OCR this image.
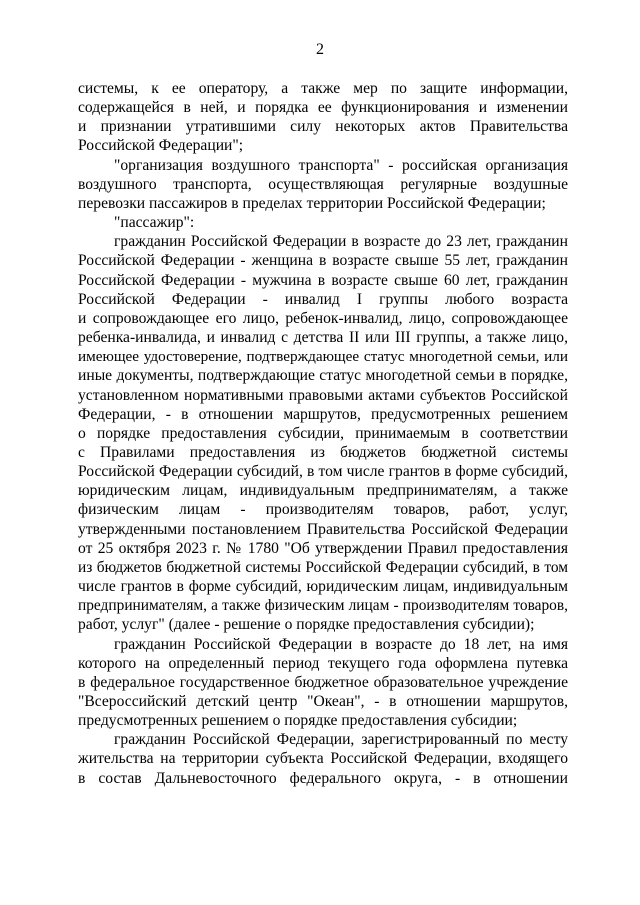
2
системы, к ее оператору, а также мер по защите информации,
содержащейся в ней, и порядка ее функционирования и изменении
и признании утратившими силу некоторых актов Правительства
Российской Федерации";
"организация воздушного транспорта" - российская организация
воздушного транспорта, осуществляющая регулярные воздушные
перевозки пассажиров в пределах территории Российской Федерации;
"пассажир":
гражданин Российской Федерации в возрасте до 23 лет, гражданин
Российской Федерации - женщина в возрасте свыше 55 лет, гражданин
Российской Федерации - мужчина в возрасте свыше 60 лет, гражданин
Российской Федерации - инвалид I группы любого возраста
и сопровождающее его лицо, ребенок-инвалид, лицо, сопровождающее
ребенка-инвалида, и инвалид с детства II или III группы, а также лицо,
имеющее удостоверение, подтверждающее статус многодетной семьи, или
иные документы, подтверждающие статус многодетной семьи в порядке,
установленном нормативными правовыми актами субъектов Российской
Федерации, - в отношении маршрутов, предусмотренных решением
о порядке предоставления субсидии, принимаемым в соответствии
с Правилами предоставления из бюджетов бюджетной системы
Российской Федерации субсидий, в том числе грантов в форме субсидий,
юридическим лицам, индивидуальным предпринимателям, а также
физическим лицам - производителям товаров, работ, услуг,
утвержденными постановлением Правительства Российской Федерации
от 25 октября 2023 г. № 1780 "Об утверждении Правил предоставления
из бюджетов бюджетной системы Российской Федерации субсидий, в том
числе грантов в форме субсидий, юридическим лицам, индивидуальным
предпринимателям, а также физическим лицам - производителям товаров,
работ, услуг" (далее - решение о порядке предоставления субсидии);
гражданин Российской Федерации в возрасте до 18 лет, на имя
которого на определенный период текущего года оформлена путевка
в федеральное государственное бюджетное образовательное учреждение
"Всероссийский детский центр "Океан", - в отношении маршрутов,
предусмотренных решением о порядке предоставления субсидии;
гражданин Российской Федерации, зарегистрированный по месту
жительства на территории субъекта Российской Федерации, входящего
в состав Дальневосточного федерального округа, - в отношении
